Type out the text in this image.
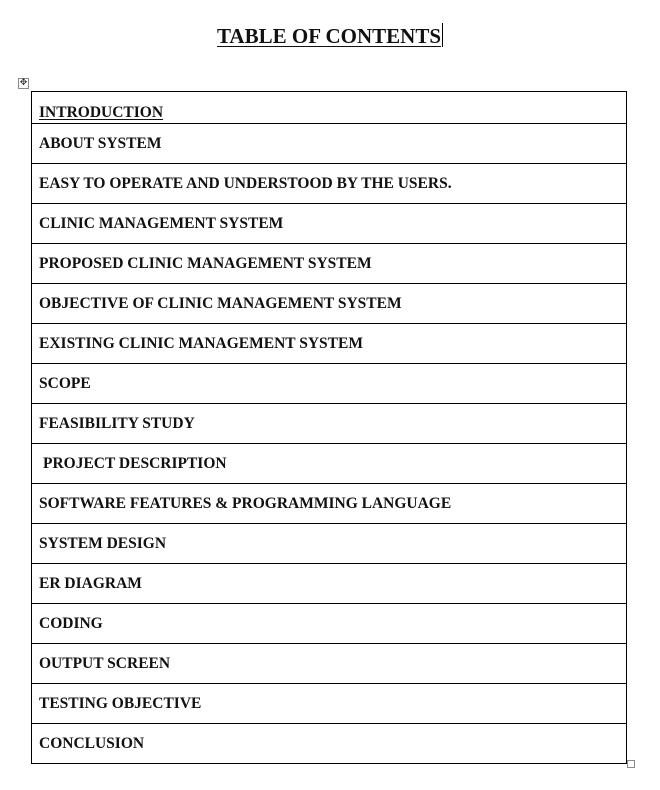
TABLE OF CONTENTS
✥
INTRODUCTION
ABOUT SYSTEM
EASY TO OPERATE AND UNDERSTOOD BY THE USERS.
CLINIC MANAGEMENT SYSTEM
PROPOSED CLINIC MANAGEMENT SYSTEM
OBJECTIVE OF CLINIC MANAGEMENT SYSTEM
EXISTING CLINIC MANAGEMENT SYSTEM
SCOPE
FEASIBILITY STUDY
PROJECT DESCRIPTION
SOFTWARE FEATURES & PROGRAMMING LANGUAGE
SYSTEM DESIGN
ER DIAGRAM
CODING
OUTPUT SCREEN
TESTING OBJECTIVE
CONCLUSION
